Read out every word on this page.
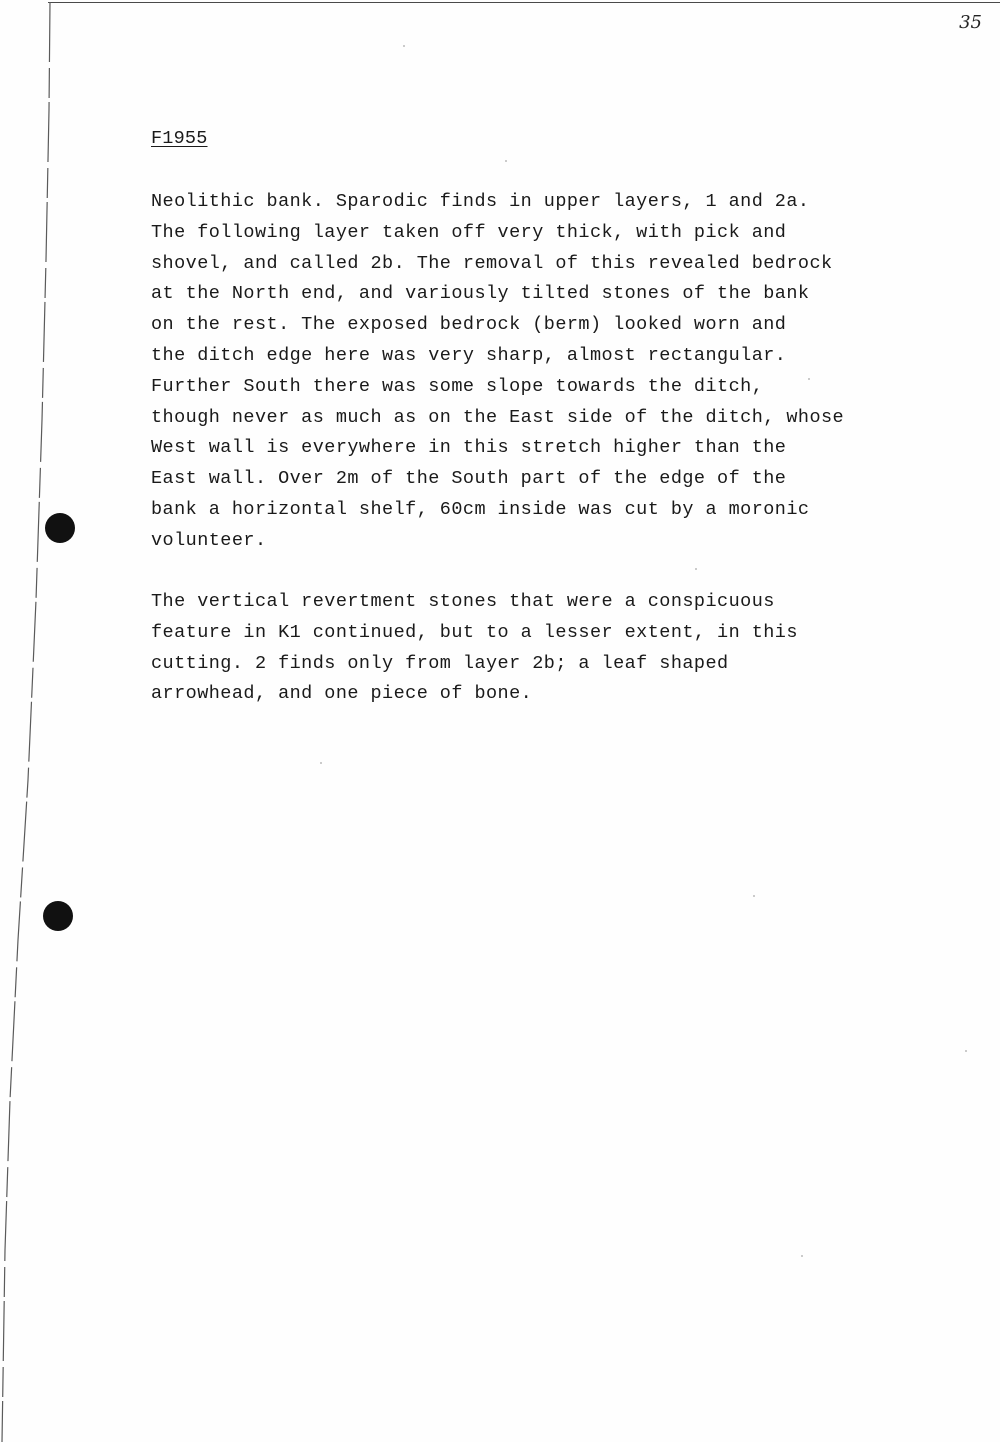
35
F1955

Neolithic bank. Sparodic finds in upper layers, 1 and 2a.
The following layer taken off very thick, with pick and
shovel, and called 2b. The removal of this revealed bedrock
at the North end, and variously tilted stones of the bank
on the rest. The exposed bedrock (berm) looked worn and
the ditch edge here was very sharp, almost rectangular.
Further South there was some slope towards the ditch,
though never as much as on the East side of the ditch, whose
West wall is everywhere in this stretch higher than the
East wall. Over 2m of the South part of the edge of the
bank a horizontal shelf, 60cm inside was cut by a moronic
volunteer.

The vertical revertment stones that were a conspicuous
feature in K1 continued, but to a lesser extent, in this
cutting. 2 finds only from layer 2b; a leaf shaped
arrowhead, and one piece of bone.
